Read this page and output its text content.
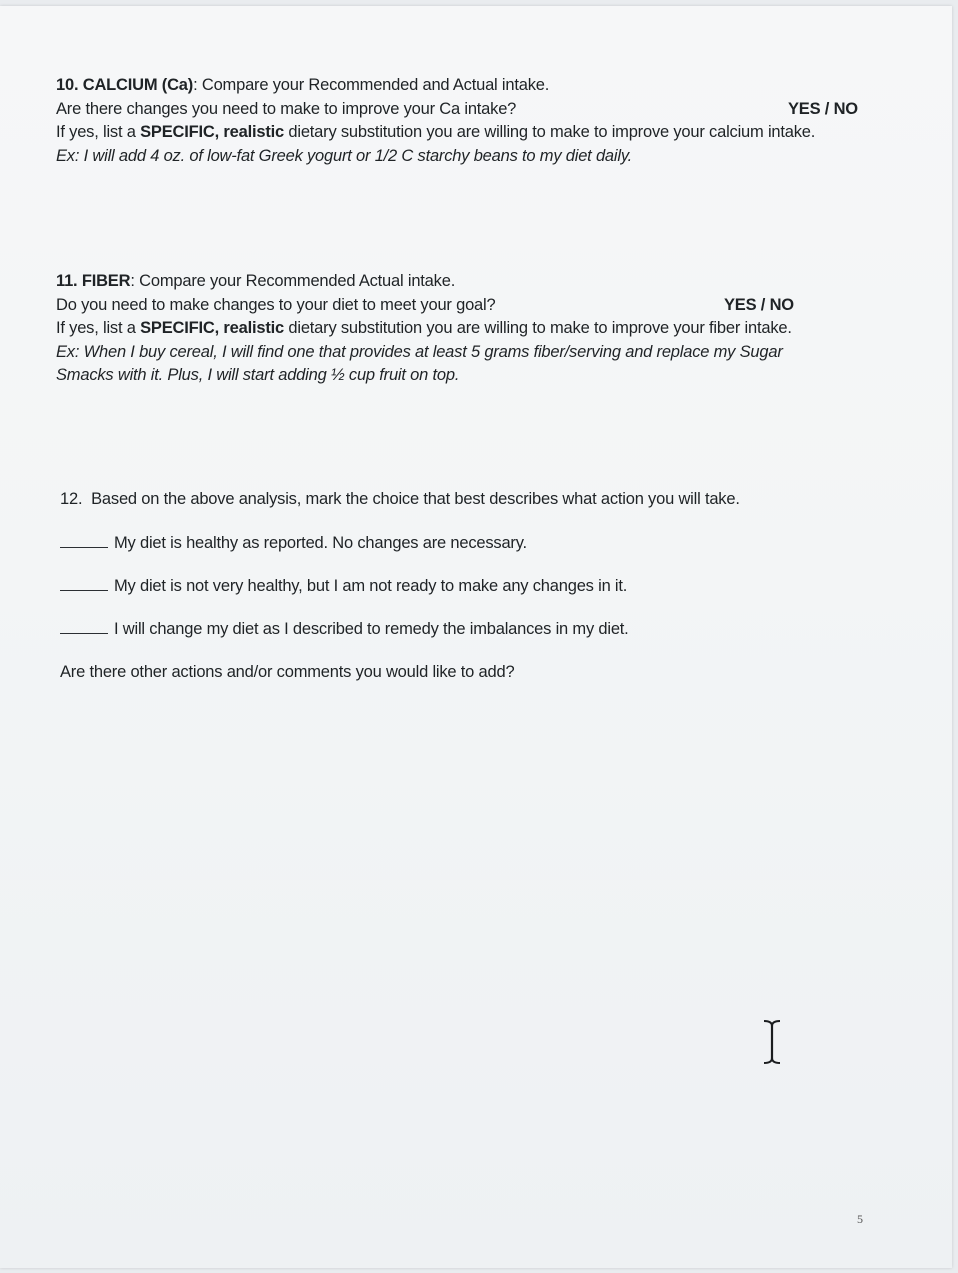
10. CALCIUM (Ca): Compare your Recommended and Actual intake.
Are there changes you need to make to improve your Ca intake?	YES / NO
If yes, list a SPECIFIC, realistic dietary substitution you are willing to make to improve your calcium intake.
Ex: I will add 4 oz. of low-fat Greek yogurt or 1/2 C starchy beans to my diet daily.
11. FIBER: Compare your Recommended Actual intake.
Do you need to make changes to your diet to meet your goal?	YES / NO
If yes, list a SPECIFIC, realistic dietary substitution you are willing to make to improve your fiber intake.
Ex: When I buy cereal, I will find one that provides at least 5 grams fiber/serving and replace my Sugar
Smacks with it. Plus, I will start adding ½ cup fruit on top.
12. Based on the above analysis, mark the choice that best describes what action you will take.
My diet is healthy as reported. No changes are necessary.
My diet is not very healthy, but I am not ready to make any changes in it.
I will change my diet as I described to remedy the imbalances in my diet.
Are there other actions and/or comments you would like to add?
5
